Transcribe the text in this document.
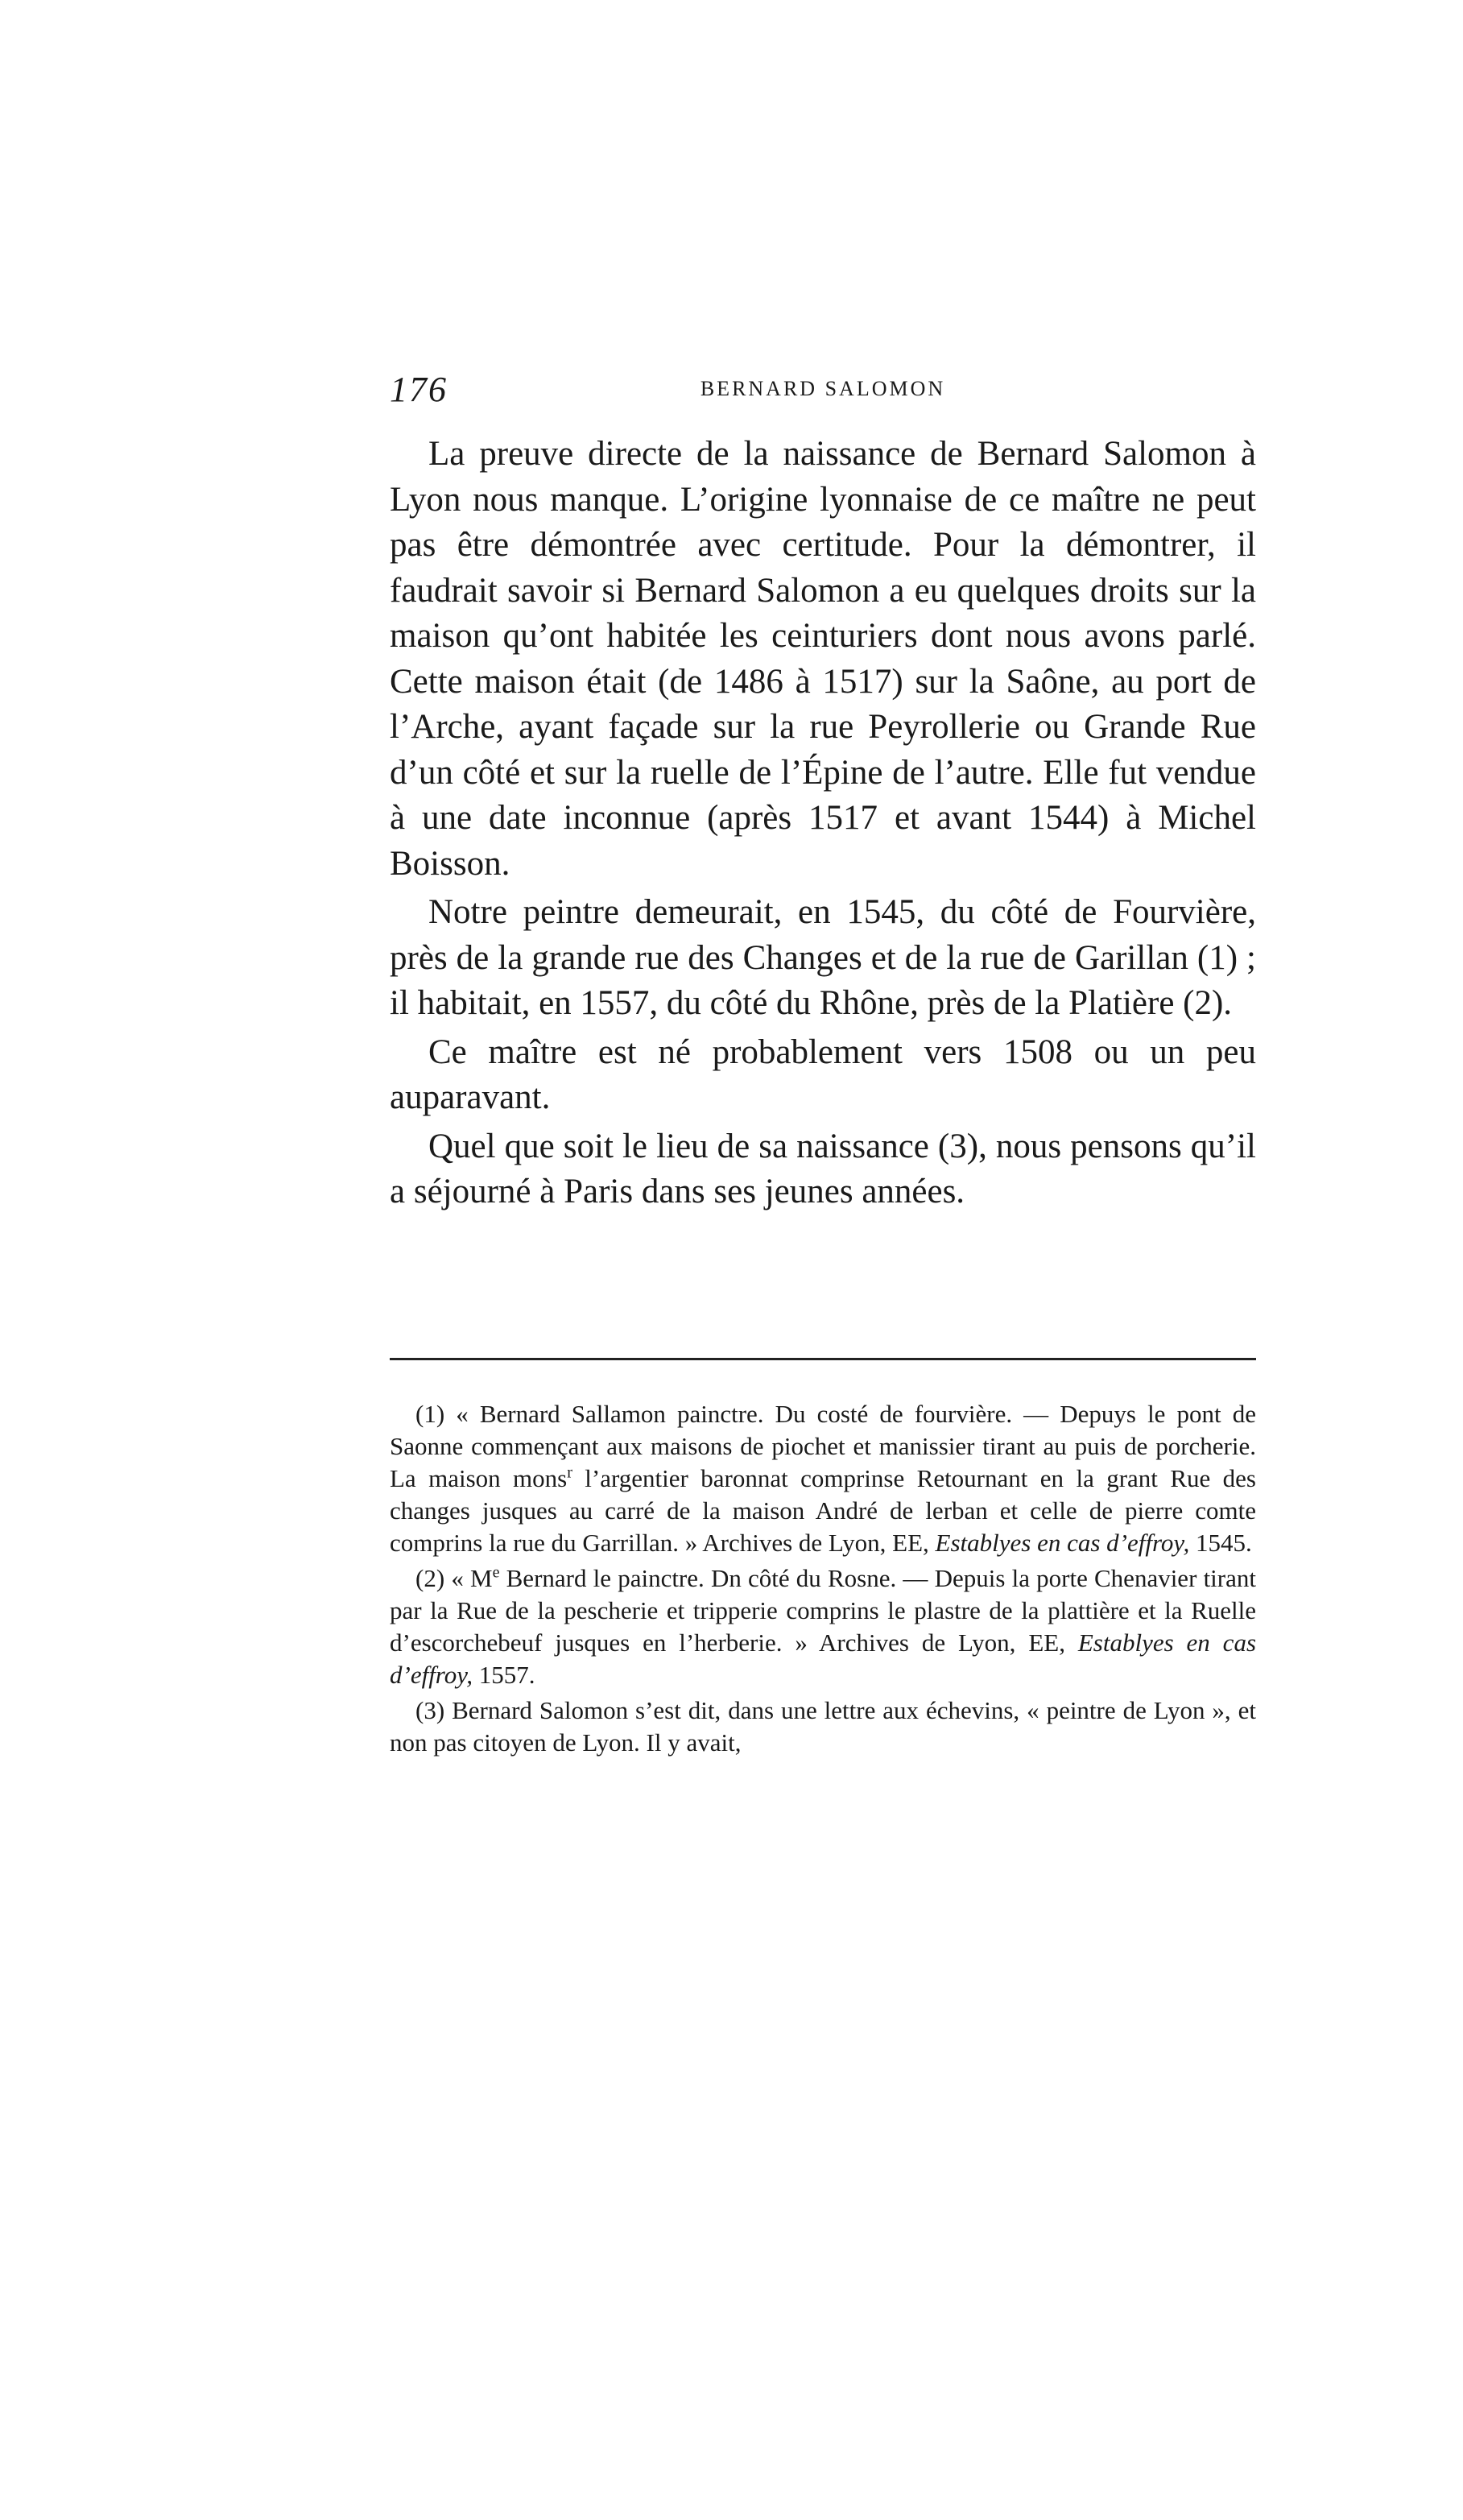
176	BERNARD SALOMON

La preuve directe de la naissance de Bernard Salomon à Lyon nous manque. L’origine lyonnaise de ce maître ne peut pas être démontrée avec certitude. Pour la démontrer, il faudrait savoir si Bernard Salomon a eu quelques droits sur la maison qu’ont habitée les ceinturiers dont nous avons parlé. Cette maison était (de 1486 à 1517) sur la Saône, au port de l’Arche, ayant façade sur la rue Peyrollerie ou Grande Rue d’un côté et sur la ruelle de l’Épine de l’autre. Elle fut vendue à une date inconnue (après 1517 et avant 1544) à Michel Boisson.

Notre peintre demeurait, en 1545, du côté de Fourvière, près de la grande rue des Changes et de la rue de Garillan (1) ; il habitait, en 1557, du côté du Rhône, près de la Platière (2).

Ce maître est né probablement vers 1508 ou un peu auparavant.

Quel que soit le lieu de sa naissance (3), nous pensons qu’il a séjourné à Paris dans ses jeunes années.

(1) « Bernard Sallamon painctre. Du costé de fourvière. — Depuys le pont de Saonne commençant aux maisons de piochet et manissier tirant au puis de porcherie. La maison mons$^r$ l’argentier baronnat comprinse Retournant en la grant Rue des changes jusques au carré de la maison André de lerban et celle de pierre comte comprins la rue du Garrillan. » Archives de Lyon, EE, Establyes en cas d’effroy, 1545.

(2) « Me Bernard le painctre. Dn côté du Rosne. — Depuis la porte Chenavier tirant par la Rue de la pescherie et tripperie comprins le plastre de la plattière et la Ruelle d’escorchebeuf jusques en l’herberie. » Archives de Lyon, EE, Establyes en cas d’effroy, 1557.

(3) Bernard Salomon s’est dit, dans une lettre aux échevins, « peintre de Lyon », et non pas citoyen de Lyon. Il y avait,
